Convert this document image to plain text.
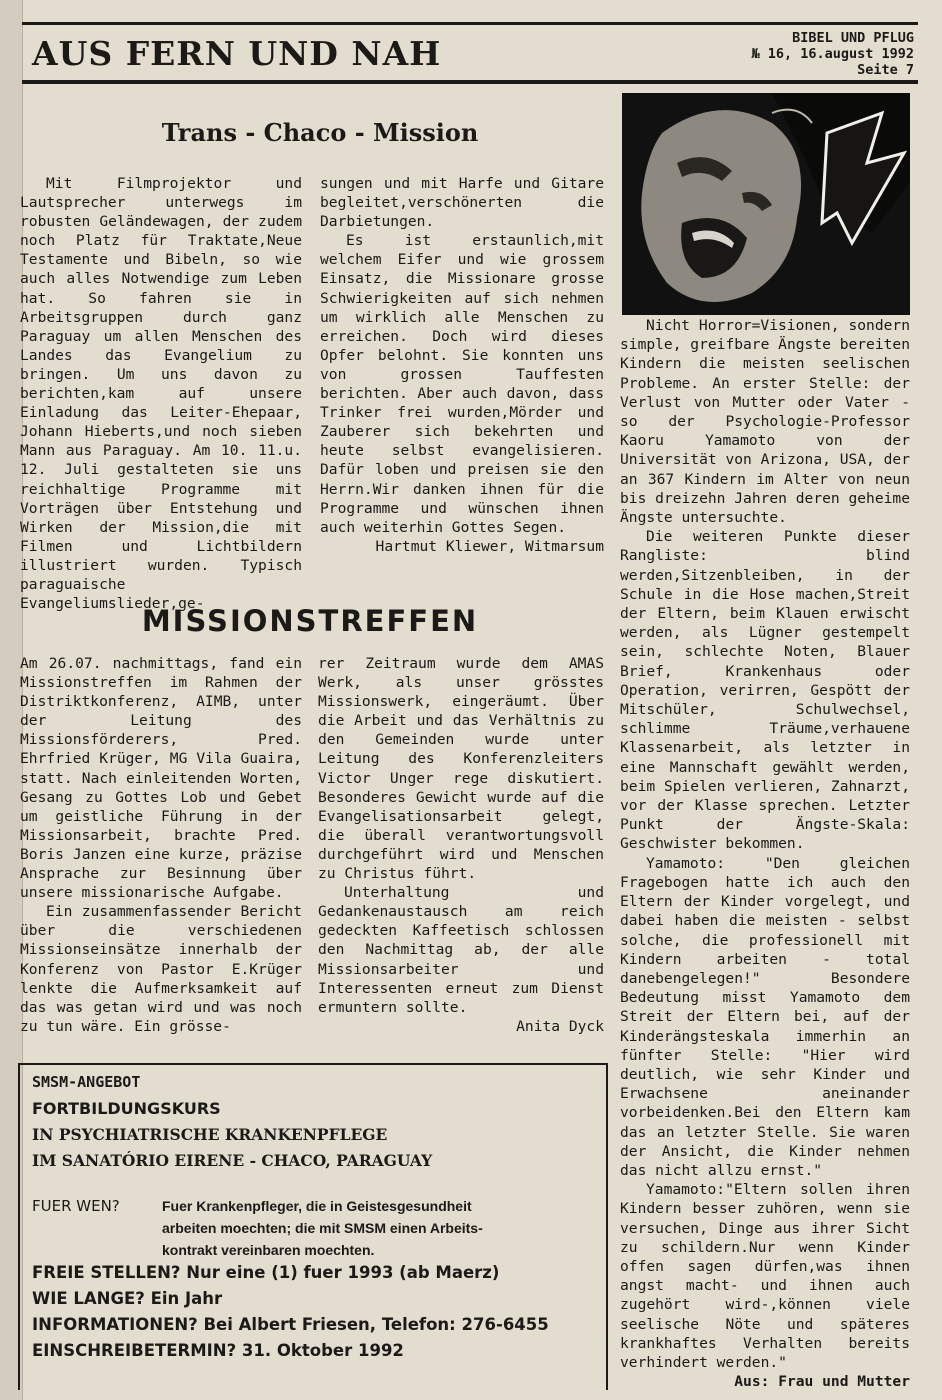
AUS FERN UND NAH	BIBEL UND PFLUG
№ 16, 16.august 1992
Seite 7
Trans - Chaco - Mission

Mit Filmprojektor und Lautsprecher unterwegs im robusten Geländewagen, der zudem noch Platz für Traktate,Neue Testamente und Bibeln, so wie auch alles Notwendige zum Leben hat. So fahren sie in Arbeitsgruppen durch ganz Paraguay um allen Menschen des Landes das Evangelium zu bringen. Um uns davon zu berichten,kam auf unsere Einladung das Leiter-Ehepaar, Johann Hieberts,und noch sieben Mann aus Paraguay. Am 10. 11.u. 12. Juli gestalteten sie uns reichhaltige Programme mit Vorträgen über Entstehung und Wirken der Mission,die mit Filmen und Lichtbildern illustriert wurden. Typisch paraguaische Evangeliumslieder,ge-

sungen und mit Harfe und Gitare begleitet,verschönerten die Darbietungen.

Es ist erstaunlich,mit welchem Eifer und wie grossem Einsatz, die Missionare grosse Schwierigkeiten auf sich nehmen um wirklich alle Menschen zu erreichen. Doch wird dieses Opfer belohnt. Sie konnten uns von grossen Tauffesten berichten. Aber auch davon, dass Trinker frei wurden,Mörder und Zauberer sich bekehrten und heute selbst evangelisieren. Dafür loben und preisen sie den Herrn.Wir danken ihnen für die Programme und wünschen ihnen auch weiterhin Gottes Segen.

Hartmut Kliewer, Witmarsum

MISSIONSTREFFEN

Am 26.07. nachmittags, fand ein Missionstreffen im Rahmen der Distriktkonferenz, AIMB, unter der Leitung des Missionsförderers, Pred. Ehrfried Krüger, MG Vila Guaira, statt. Nach einleitenden Worten, Gesang zu Gottes Lob und Gebet um geistliche Führung in der Missionsarbeit, brachte Pred. Boris Janzen eine kurze, präzise Ansprache zur Besinnung über unsere missionarische Aufgabe.

Ein zusammenfassender Bericht über die verschiedenen Missionseinsätze innerhalb der Konferenz von Pastor E.Krüger lenkte die Aufmerksamkeit auf das was getan wird und was noch zu tun wäre. Ein grösse-

rer Zeitraum wurde dem AMAS Werk, als unser grösstes Missionswerk, eingeräumt. Über die Arbeit und das Verhältnis zu den Gemeinden wurde unter Leitung des Konferenzleiters Victor Unger rege diskutiert. Besonderes Gewicht wurde auf die Evangelisationsarbeit gelegt, die überall verantwortungsvoll durchgeführt wird und Menschen zu Christus führt.

Unterhaltung und Gedankenaustausch am reich gedeckten Kaffeetisch schlossen den Nachmittag ab, der alle Missionsarbeiter und Interessenten erneut zum Dienst ermuntern sollte.

Anita Dyck

Nicht Horror=Visionen, sondern simple, greifbare Ängste bereiten Kindern die meisten seelischen Probleme. An erster Stelle: der Verlust von Mutter oder Vater - so der Psychologie-Professor Kaoru Yamamoto von der Universität von Arizona, USA, der an 367 Kindern im Alter von neun bis dreizehn Jahren deren geheime Ängste untersuchte.

Die weiteren Punkte dieser Rangliste: blind werden,Sitzenbleiben, in der Schule in die Hose machen,Streit der Eltern, beim Klauen erwischt werden, als Lügner gestempelt sein, schlechte Noten, Blauer Brief, Krankenhaus oder Operation, verirren, Gespött der Mitschüler, Schulwechsel, schlimme Träume,verhauene Klassenarbeit, als letzter in eine Mannschaft gewählt werden, beim Spielen verlieren, Zahnarzt, vor der Klasse sprechen. Letzter Punkt der Ängste-Skala: Geschwister bekommen.

Yamamoto: "Den gleichen Fragebogen hatte ich auch den Eltern der Kinder vorgelegt, und dabei haben die meisten - selbst solche, die professionell mit Kindern arbeiten - total danebengelegen!" Besondere Bedeutung misst Yamamoto dem Streit der Eltern bei, auf der Kinderängsteskala immerhin an fünfter Stelle: "Hier wird deutlich, wie sehr Kinder und Erwachsene aneinander vorbeidenken.Bei den Eltern kam das an letzter Stelle. Sie waren der Ansicht, die Kinder nehmen das nicht allzu ernst."

Yamamoto:"Eltern sollen ihren Kindern besser zuhören, wenn sie versuchen, Dinge aus ihrer Sicht zu schildern.Nur wenn Kinder offen sagen dürfen,was ihnen angst macht- und ihnen auch zugehört wird-,können viele seelische Nöte und späteres krankhaftes Verhalten bereits verhindert werden."

Aus: Frau und Mutter

SMSM-ANGEBOT
FORTBILDUNGSKURS
IN PSYCHIATRISCHE KRANKENPFLEGE
IM SANATÓRIO EIRENE - CHACO, PARAGUAY
FUER WEN?	Fuer Krankenpfleger, die in Geistesgesundheit
arbeiten moechten; die mit SMSM einen Arbeits-
kontrakt vereinbaren moechten.
FREIE STELLEN? Nur eine (1) fuer 1993 (ab Maerz)
WIE LANGE? Ein Jahr
INFORMATIONEN? Bei Albert Friesen, Telefon: 276-6455
EINSCHREIBETERMIN? 31. Oktober 1992
